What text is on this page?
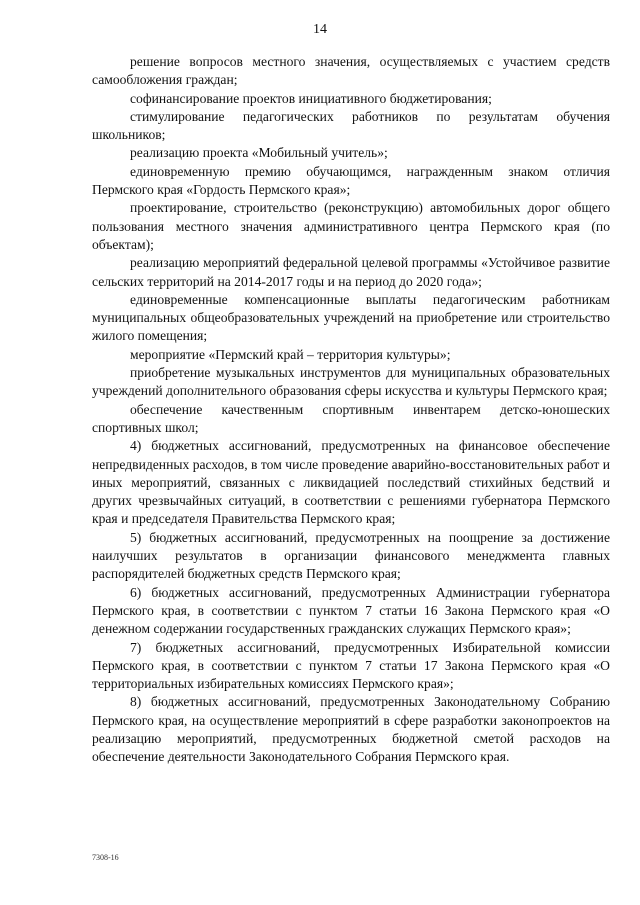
14

решение вопросов местного значения, осуществляемых с участием средств самообложения граждан;

софинансирование проектов инициативного бюджетирования;

стимулирование педагогических работников по результатам обучения школьников;

реализацию проекта «Мобильный учитель»;

единовременную премию обучающимся, награжденным знаком отличия Пермского края «Гордость Пермского края»;

проектирование, строительство (реконструкцию) автомобильных дорог общего пользования местного значения административного центра Пермского края (по объектам);

реализацию мероприятий федеральной целевой программы «Устойчивое развитие сельских территорий на 2014-2017 годы и на период до 2020 года»;

единовременные компенсационные выплаты педагогическим работникам муниципальных общеобразовательных учреждений на приобретение или строительство жилого помещения;

мероприятие «Пермский край – территория культуры»;

приобретение музыкальных инструментов для муниципальных образовательных учреждений дополнительного образования сферы искусства и культуры Пермского края;

обеспечение качественным спортивным инвентарем детско-юношеских спортивных школ;

4) бюджетных ассигнований, предусмотренных на финансовое обеспечение непредвиденных расходов, в том числе проведение аварийно-восстановительных работ и иных мероприятий, связанных с ликвидацией последствий стихийных бедствий и других чрезвычайных ситуаций, в соответствии с решениями губернатора Пермского края и председателя Правительства Пермского края;

5) бюджетных ассигнований, предусмотренных на поощрение за достижение наилучших результатов в организации финансового менеджмента главных распорядителей бюджетных средств Пермского края;

6) бюджетных ассигнований, предусмотренных Администрации губернатора Пермского края, в соответствии с пунктом 7 статьи 16 Закона Пермского края «О денежном содержании государственных гражданских служащих Пермского края»;

7) бюджетных ассигнований, предусмотренных Избирательной комиссии Пермского края, в соответствии с пунктом 7 статьи 17 Закона Пермского края «О территориальных избирательных комиссиях Пермского края»;

8) бюджетных ассигнований, предусмотренных Законодательному Собранию Пермского края, на осуществление мероприятий в сфере разработки законопроектов на реализацию мероприятий, предусмотренных бюджетной сметой расходов на обеспечение деятельности Законодательного Собрания Пермского края.

7308-16
